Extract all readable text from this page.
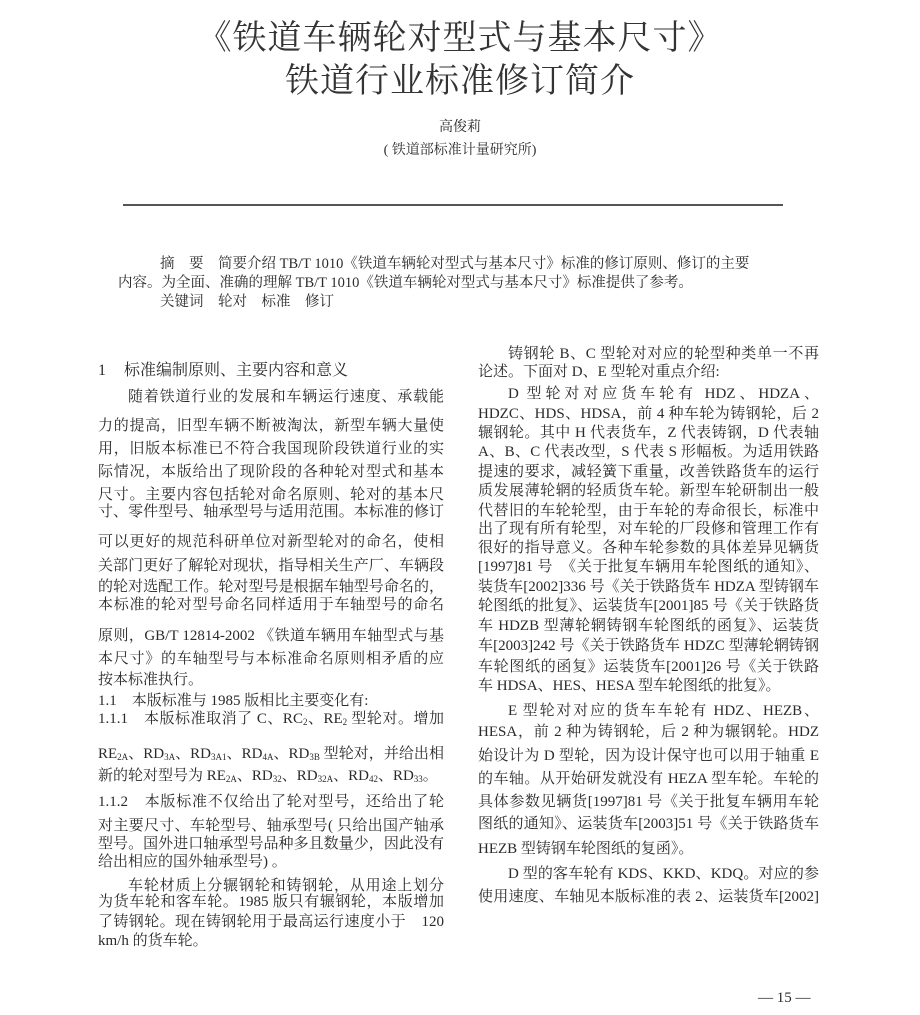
《铁道车辆轮对型式与基本尺寸》
铁道行业标准修订简介
高俊莉
( 铁道部标准计量研究所)
摘　要　简要介绍 TB/T 1010《铁道车辆轮对型式与基本尺寸》标准的修订原则、修订的主要
内容。为全面、准确的理解 TB/T 1010《铁道车辆轮对型式与基本尺寸》标准提供了参考。
关键词　轮对　标准　修订
1 标准编制原则、主要内容和意义
随着铁道行业的发展和车辆运行速度、承载能
力的提高，旧型车辆不断被淘汰，新型车辆大量使
用，旧版本标准已不符合我国现阶段铁道行业的实
际情况，本版给出了现阶段的各种轮对型式和基本
尺寸。主要内容包括轮对命名原则、轮对的基本尺
寸、零件型号、轴承型号与适用范围。本标准的修订
可以更好的规范科研单位对新型轮对的命名，使相
关部门更好了解轮对现状，指导相关生产厂、车辆段
的轮对选配工作。轮对型号是根据车轴型号命名的，
本标准的轮对型号命名同样适用于车轴型号的命名
原则，GB/T 12814-2002 《铁道车辆用车轴型式与基
本尺寸》的车轴型号与本标准命名原则相矛盾的应
按本标准执行。
1.1　本版标准与 1985 版相比主要变化有:
1.1.1　本版标准取消了 C、$RC_2$、$RE_2$ 型轮对。增加
$RE_{2A}$、$RD_{3A}$、$RD_{3A1}$、$RD_{4A}$、$RD_{3B}$ 型轮对，并给出相
新的轮对型号为 $RE_{2A}$、$RD_{32}$、$RD_{32A}$、$RD_{42}$、$RD_{33}$。
1.1.2　本版标准不仅给出了轮对型号，还给出了轮
对主要尺寸、车轮型号、轴承型号( 只给出国产轴承
型号。国外进口轴承型号品种多且数量少，因此没有
给出相应的国外轴承型号) 。
车轮材质上分辗钢轮和铸钢轮，从用途上划分
为货车轮和客车轮。1985 版只有辗钢轮，本版增加
了铸钢轮。现在铸钢轮用于最高运行速度小于　120
km/h 的货车轮。
铸钢轮 B、C 型轮对对应的轮型种类单一不再
论述。下面对 D、E 型轮对重点介绍:
D 型轮对对应货车轮有 HDZ、HDZA、
HDZC、HDS、HDSA，前 4 种车轮为铸钢轮，后 2
辗钢轮。其中 H 代表货车，Z 代表铸钢，D 代表轴
A、B、C 代表改型，S 代表 S 形幅板。为适用铁路
提速的要求，减轻簧下重量，改善铁路货车的运行
质发展薄轮辋的轻质货车轮。新型车轮研制出一般
代替旧的车轮轮型，由于车轮的寿命很长，标准中
出了现有所有轮型，对车轮的厂段修和管理工作有
很好的指导意义。各种车轮参数的具体差异见辆货
[1997]81 号　《关于批复车辆用车轮图纸的通知》、
装货车[2002]336 号《关于铁路货车 HDZA 型铸钢车
轮图纸的批复》、运装货车[2001]85 号《关于铁路货
车 HDZB 型薄轮辋铸钢车轮图纸的函复》、运装货
车[2003]242 号《关于铁路货车 HDZC 型薄轮辋铸钢
车轮图纸的函复》运装货车[2001]26 号《关于铁路
车 HDSA、HES、HESA 型车轮图纸的批复》。
E 型轮对对应的货车车轮有 HDZ、HEZB、
HESA，前 2 种为铸钢轮，后 2 种为辗钢轮。HDZ
始设计为 D 型轮，因为设计保守也可以用于轴重 E
的车轴。从开始研发就没有 HEZA 型车轮。车轮的
具体参数见辆货[1997]81 号《关于批复车辆用车轮
图纸的通知》、运装货车[2003]51 号《关于铁路货车
HEZB 型铸钢车轮图纸的复函》。
D 型的客车轮有 KDS、KKD、KDQ。对应的参
使用速度、车轴见本版标准的表 2、运装货车[2002]
— 15 —
